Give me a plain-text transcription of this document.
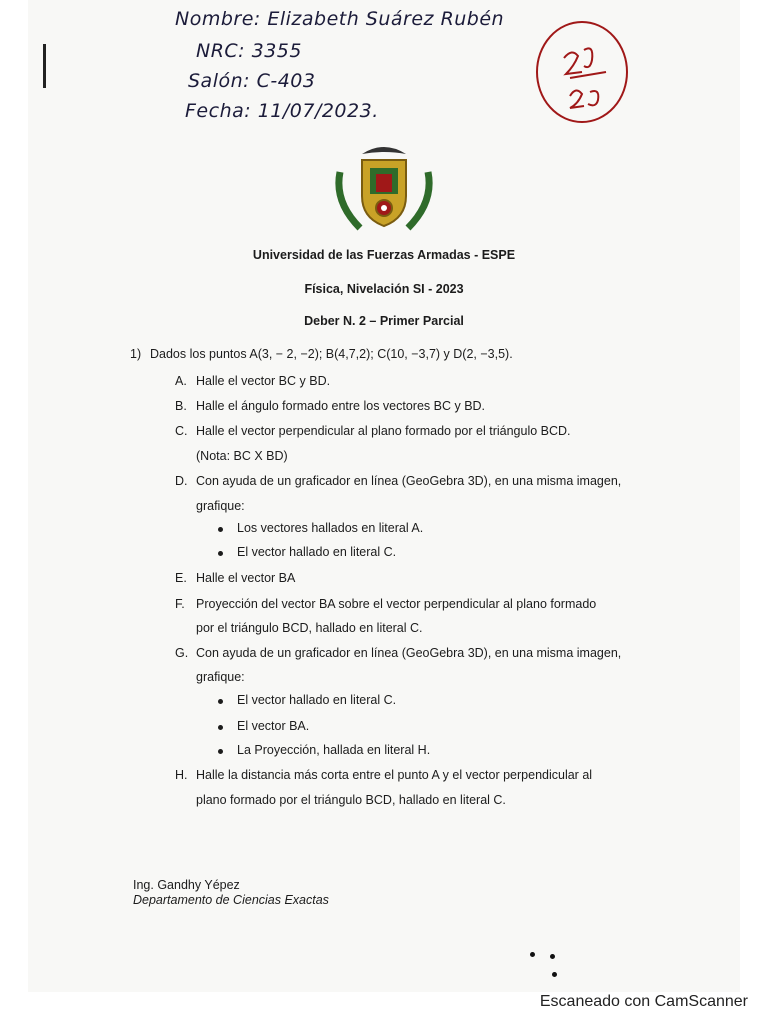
Nombre: Elizabeth Suárez Rubén
NRC: 3355
Salón: C-403
Fecha: 11/07/2023.
Universidad de las Fuerzas Armadas - ESPE
Física, Nivelación SI - 2023
Deber N. 2 – Primer Parcial
1) Dados los puntos A(3, − 2, −2); B(4,7,2); C(10, −3,7) y D(2, −3,5).
A. Halle el vector BC y BD.
B. Halle el ángulo formado entre los vectores BC y BD.
C. Halle el vector perpendicular al plano formado por el triángulo BCD.
(Nota: BC X BD)
D. Con ayuda de un graficador en línea (GeoGebra 3D), en una misma imagen,
grafique:
Los vectores hallados en literal A.
El vector hallado en literal C.
E. Halle el vector BA
F. Proyección del vector BA sobre el vector perpendicular al plano formado
por el triángulo BCD, hallado en literal C.
G. Con ayuda de un graficador en línea (GeoGebra 3D), en una misma imagen,
grafique:
El vector hallado en literal C.
El vector BA.
La Proyección, hallada en literal H.
H. Halle la distancia más corta entre el punto A y el vector perpendicular al
plano formado por el triángulo BCD, hallado en literal C.
Ing. Gandhy Yépez
Departamento de Ciencias Exactas
Escaneado con CamScanner
